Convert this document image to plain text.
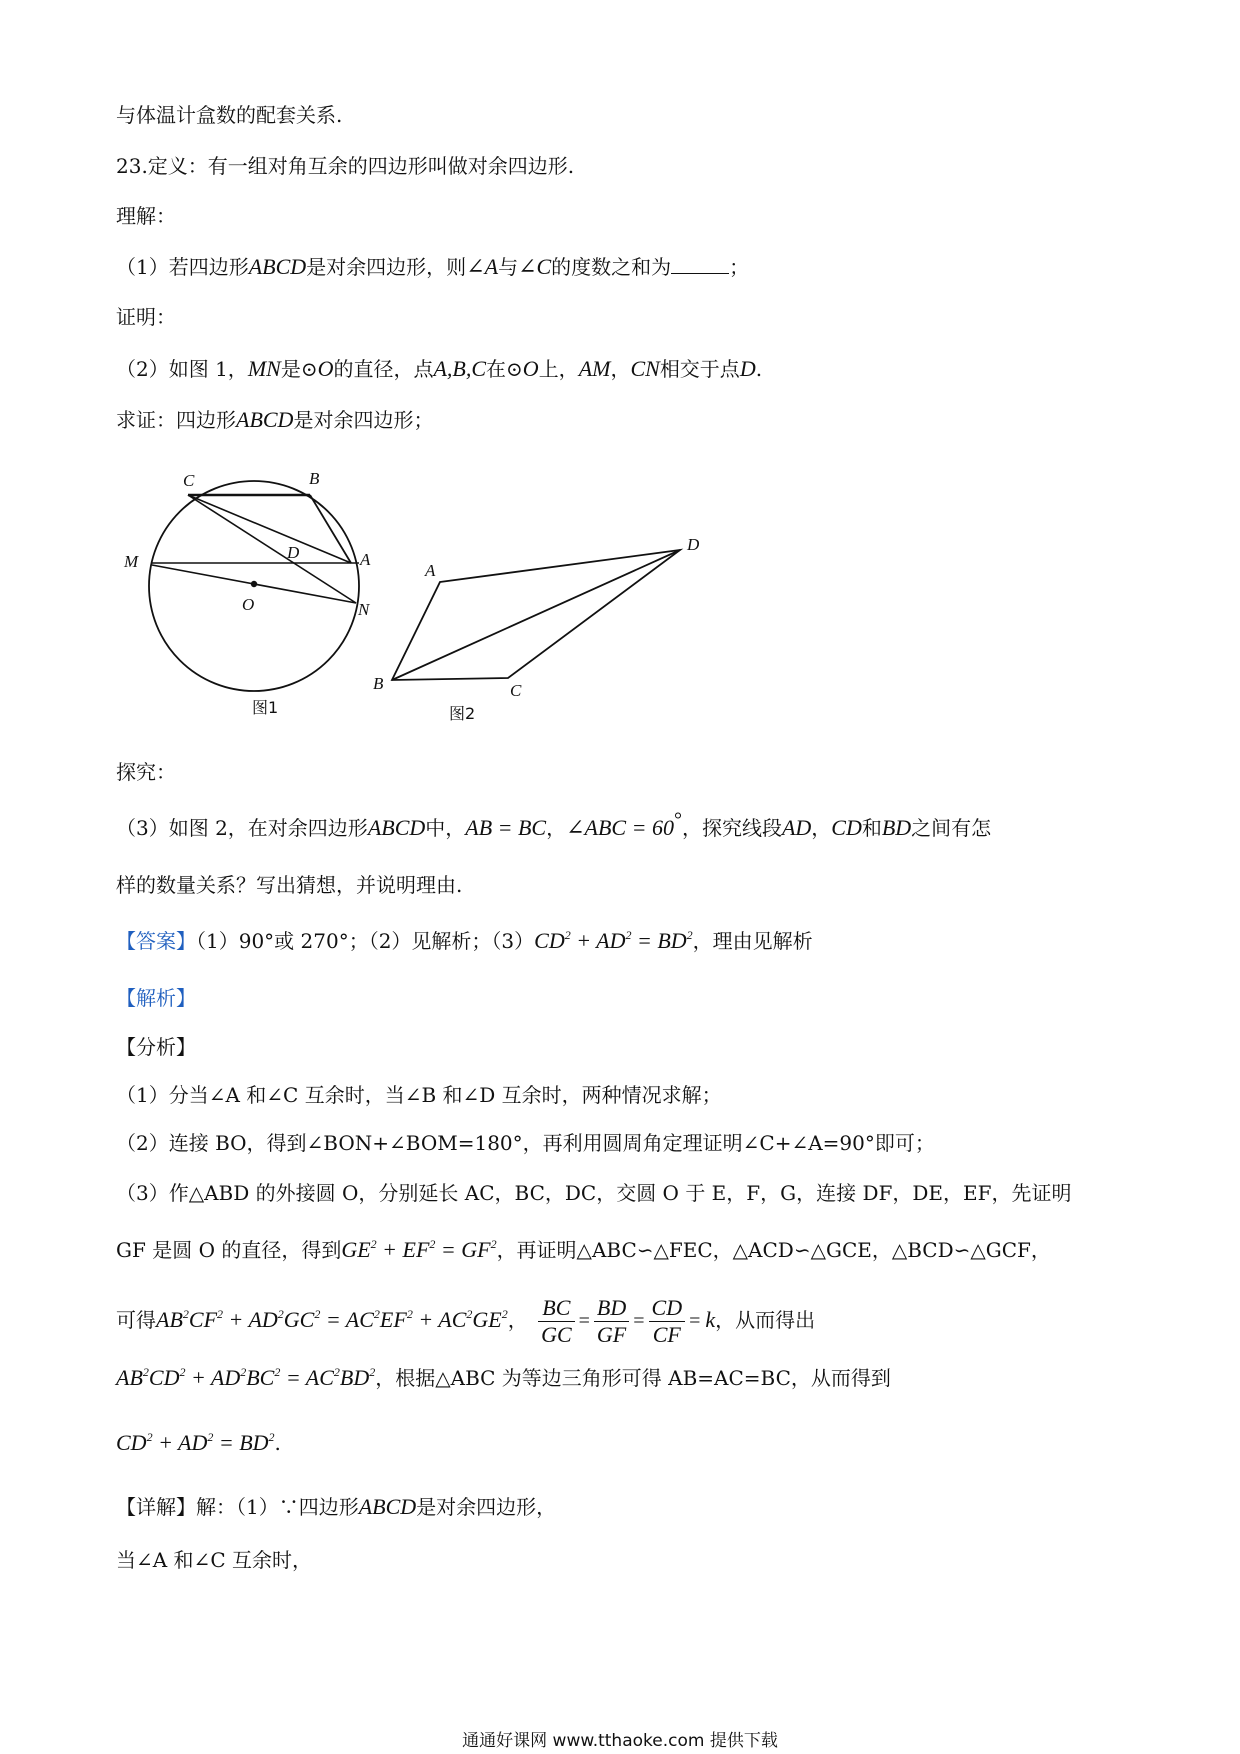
与体温计盒数的配套关系.
23.定义：有一组对角互余的四边形叫做对余四边形.
理解：
（1）若四边形ABCD是对余四边形，则∠A与∠C的度数之和为	；
证明：
（2）如图 1，MN是⊙O的直径，点A,B,C在⊙O上，AM，CN相交于点D.
求证：四边形ABCD是对余四边形；
C	B
D	A
M
O	N
图1
A
D
B	C
图2
探究：
（3）如图 2，在对余四边形ABCD中，AB = BC，∠ABC = 60°，探究线段AD，CD和BD之间有怎
样的数量关系？写出猜想，并说明理由.
【答案】（1）90°或 270°；（2）见解析；$(3)CD^2 + AD^2 = BD^2$，理由见解析
【解析】
【分析】
（1）分当∠A 和∠C 互余时，当∠B 和∠D 互余时，两种情况求解；
（2）连接 BO，得到∠BON+∠BOM=180°，再利用圆周角定理证明∠C+∠A=90°即可；
（3）作△ABD 的外接圆 O，分别延长 AC，BC，DC，交圆 O 于 E，F，G，连接 DF，DE，EF，先证明
GF 是圆 O 的直径，得到$GE^2 + EF^2 = GF^2$，再证明△ABC∽△FEC，△ACD∽△GCE，△BCD∽△GCF，
可得$AB^2CF^2 + AD^2GC^2 = AC^2EF^2 + AC^2GE^2$， $\frac{BC}{GC} = \frac{BD}{GF} = \frac{CD}{CF} = k$，从而得出
$AB^2CD^2 + AD^2BC^2 = AC^2BD^2$，根据△ABC 为等边三角形可得 AB=AC=BC，从而得到
$CD^2 + AD^2 = BD^2$.
【详解】解：（1）∵四边形ABCD是对余四边形，
当∠A 和∠C 互余时，
通通好课网 www.tthaoke.com 提供下载
